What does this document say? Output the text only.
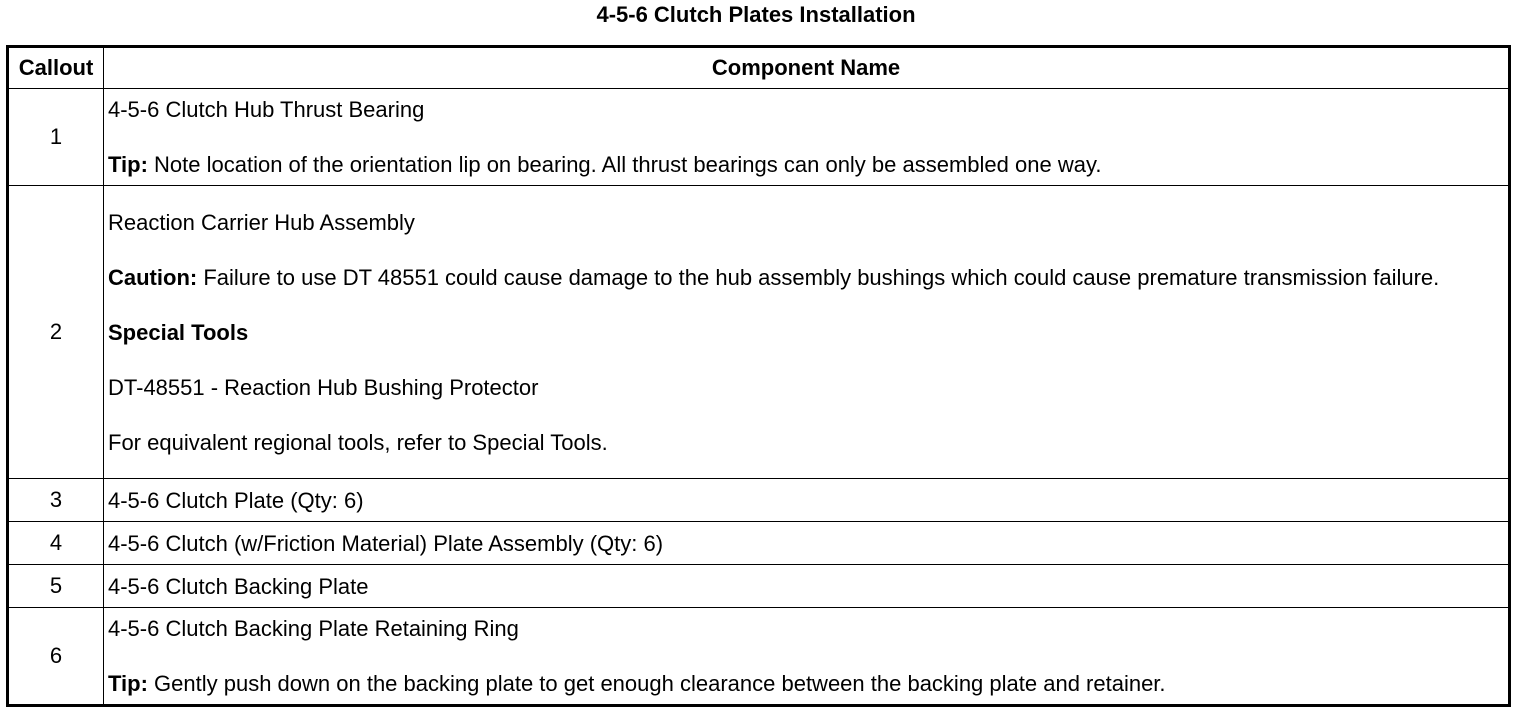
4-5-6 Clutch Plates Installation
Callout	Component Name
1	4-5-6 Clutch Hub Thrust Bearing
Tip: Note location of the orientation lip on bearing. All thrust bearings can only be assembled one way.

2	Reaction Carrier Hub Assembly
Caution: Failure to use DT 48551 could cause damage to the hub assembly bushings which could cause premature transmission failure.
Special Tools
DT-48551 - Reaction Hub Bushing Protector
For equivalent regional tools, refer to Special Tools.

3	4-5-6 Clutch Plate (Qty: 6)

4	4-5-6 Clutch (w/Friction Material) Plate Assembly (Qty: 6)

5	4-5-6 Clutch Backing Plate

6	4-5-6 Clutch Backing Plate Retaining Ring
Tip: Gently push down on the backing plate to get enough clearance between the backing plate and retainer.
